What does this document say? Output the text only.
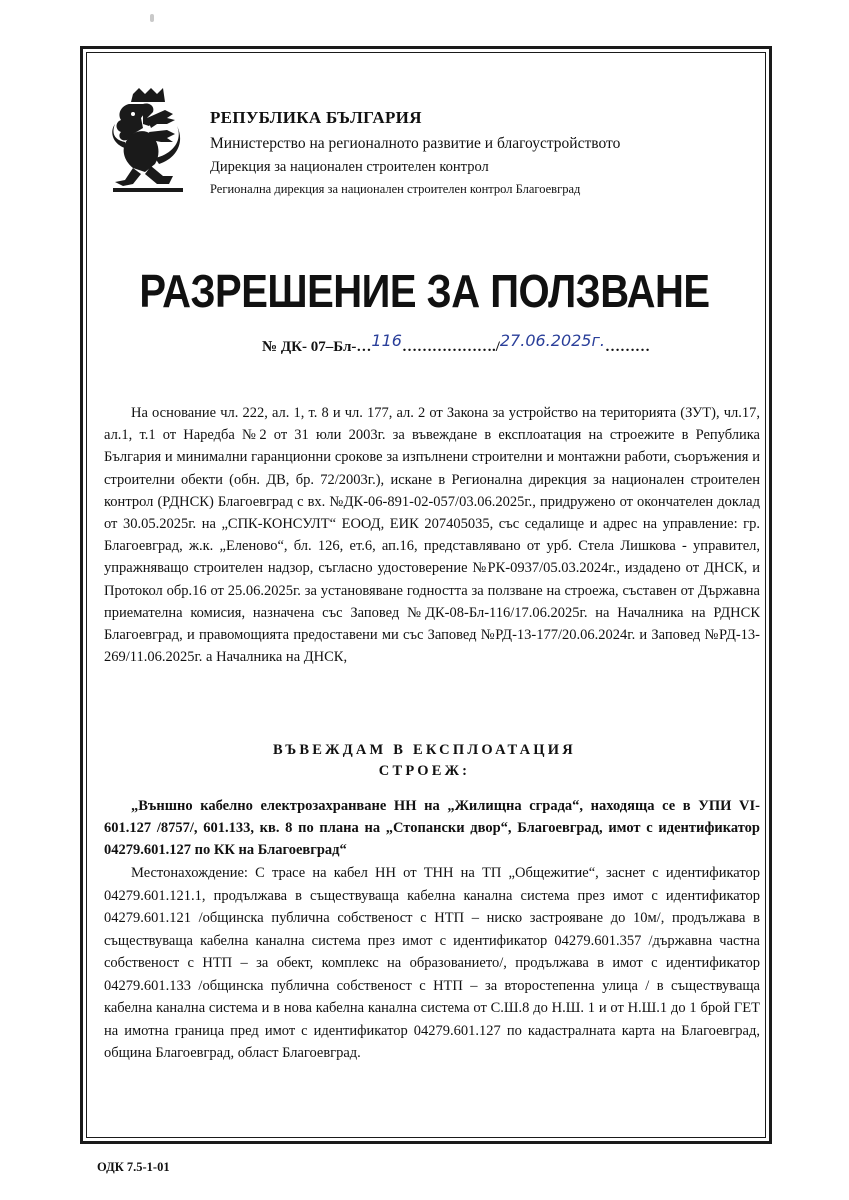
РЕПУБЛИКА БЪЛГАРИЯ
Министерство на регионалното развитие и благоустройството
Дирекция за национален строителен контрол
Регионална дирекция за национален строителен контрол Благоевград
РАЗРЕШЕНИЕ ЗА ПОЛЗВАНЕ
№ ДК- 07–Бл-…116………………./27.06.2025г.………

На основание чл. 222, ал. 1, т. 8 и чл. 177, ал. 2 от Закона за устройство на територията (ЗУТ), чл.17, ал.1, т.1 от Наредба №2 от 31 юли 2003г. за въвеждане в експлоатация на строежите в Република България и минимални гаранционни срокове за изпълнени строителни и монтажни работи, съоръжения и строителни обекти (обн. ДВ, бр. 72/2003г.), искане в Регионална дирекция за национален строителен контрол (РДНСК) Благоевград с вх. №ДК-06-891-02-057/03.06.2025г., придружено от окончателен доклад от 30.05.2025г. на „СПК-КОНСУЛТ“ ЕООД, ЕИК 207405035, със седалище и адрес на управление: гр. Благоевград, ж.к. „Еленово“, бл. 126, ет.6, ап.16, представлявано от урб. Стела Лишкова - управител, упражняващо строителен надзор, съгласно удостоверение №РК-0937/05.03.2024г., издадено от ДНСК, и Протокол обр.16 от 25.06.2025г. за установяване годността за ползване на строежа, съставен от Държавна приемателна комисия, назначена със Заповед №ДК-08-Бл-116/17.06.2025г. на Началника на РДНСК Благоевград, и правомощията предоставени ми със Заповед №РД-13-177/20.06.2024г. и Заповед №РД-13-269/11.06.2025г. а Началника на ДНСК,

ВЪВЕЖДАМ В ЕКСПЛОАТАЦИЯ
СТРОЕЖ:

„Външно кабелно електрозахранване НН на „Жилищна сграда“, находяща се в УПИ VI-601.127 /8757/, 601.133, кв. 8 по плана на „Стопански двор“, Благоевград, имот с идентификатор 04279.601.127 по КК на Благоевград“

Местонахождение: С трасе на кабел НН от ТНН на ТП „Общежитие“, заснет с идентификатор 04279.601.121.1, продължава в съществуваща кабелна канална система през имот с идентификатор 04279.601.121 /общинска публична собственост с НТП – ниско застрояване до 10м/, продължава в съществуваща кабелна канална система през имот с идентификатор 04279.601.357 /държавна частна собственост с НТП – за обект, комплекс на образованието/, продължава в имот с идентификатор 04279.601.133 /общинска публична собственост с НТП – за второстепенна улица / в съществуваща кабелна канална система и в нова кабелна канална система от С.Ш.8 до Н.Ш. 1 и от Н.Ш.1 до 1 брой ГЕТ на имотна граница пред имот с идентификатор 04279.601.127 по кадастралната карта на Благоевград, община Благоевград, област Благоевград.

ОДК 7.5-1-01
